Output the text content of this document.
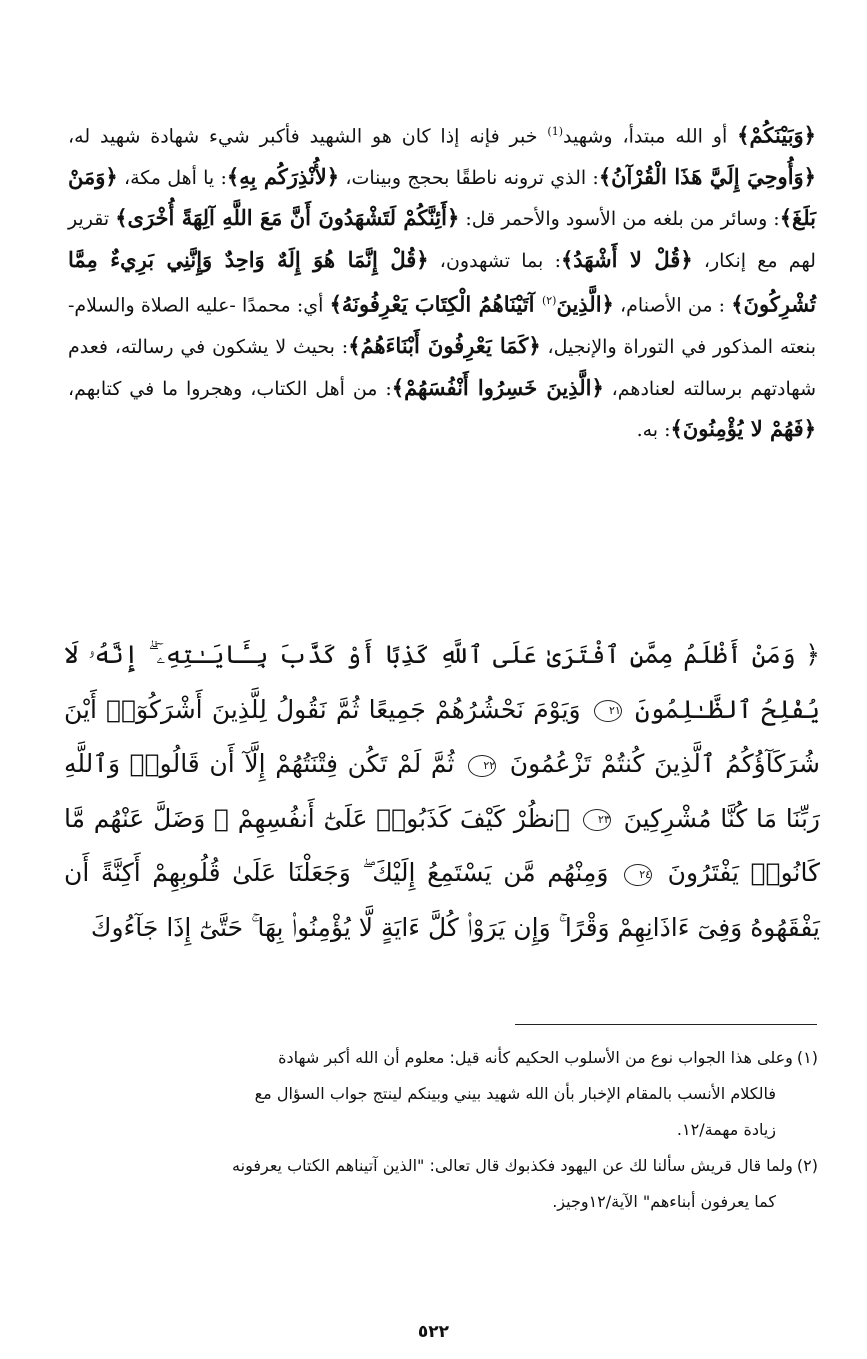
﴿وَبَيْنَكُمْ﴾ أو الله مبتدأ، وشهيد$^{(1)}$ خبر فإنه إذا كان هو الشهيد فأكبر شيء شهادة شهيد له، ﴿وَأُوحِيَ إِلَيَّ هَذَا الْقُرْآنُ﴾: الذي ترونه ناطقًا بحجج وبينات، ﴿لأُنْذِرَكُم بِهِ﴾: يا أهل مكة، ﴿وَمَنْ بَلَغَ﴾: وسائر من بلغه من الأسود والأحمر قل: ﴿أَئِنَّكُمْ لَتَشْهَدُونَ أَنَّ مَعَ اللَّهِ آلِهَةً أُخْرَى﴾ تقرير لهم مع إنكار، ﴿قُلْ لا أَشْهَدُ﴾: بما تشهدون، ﴿قُلْ إِنَّمَا هُوَ إِلَهٌ وَاحِدٌ وَإِنَّنِي بَرِيءٌ مِمَّا تُشْرِكُونَ﴾ : من الأصنام، ﴿الَّذِينَ$^{(٢)}$ آتَيْنَاهُمُ الْكِتَابَ يَعْرِفُونَهُ﴾ أي: محمدًا -عليه الصلاة والسلام- بنعته المذكور في التوراة والإنجيل، ﴿كَمَا يَعْرِفُونَ أَبْنَاءَهُمُ﴾: بحيث لا يشكون في رسالته، فعدم شهادتهم برسالته لعنادهم، ﴿الَّذِينَ خَسِرُوا أَنْفُسَهُمْ﴾: من أهل الكتاب، وهجروا ما في كتابهم، ﴿فَهُمْ لا يُؤْمِنُونَ﴾: به.
﴿ وَمَنْ أَظْلَمُ مِمَّنِ ٱفْتَرَىٰ عَلَى ٱللَّهِ كَذِبًا أَوْ كَذَّبَ بِـَٔايَـٰتِهِۦٓ ۗ إِنَّهُۥ لَا يُفْلِحُ ٱلظَّـٰلِمُونَ ٢١ وَيَوْمَ نَحْشُرُهُمْ جَمِيعًا ثُمَّ نَقُولُ لِلَّذِينَ أَشْرَكُوٓا۟ أَيْنَ شُرَكَآؤُكُمُ ٱلَّذِينَ كُنتُمْ تَزْعُمُونَ ٢٢ ثُمَّ لَمْ تَكُن فِتْنَتُهُمْ إِلَّآ أَن قَالُوا۟ وَٱللَّهِ رَبِّنَا مَا كُنَّا مُشْرِكِينَ ٢٣ ٱنظُرْ كَيْفَ كَذَبُوا۟ عَلَىٰٓ أَنفُسِهِمْ ۚ وَضَلَّ عَنْهُم مَّا كَانُوا۟ يَفْتَرُونَ ٢٤ وَمِنْهُم مَّن يَسْتَمِعُ إِلَيْكَ ۖ وَجَعَلْنَا عَلَىٰ قُلُوبِهِمْ أَكِنَّةً أَن يَفْقَهُوهُ وَفِىٓ ءَاذَانِهِمْ وَقْرًا ۚ وَإِن يَرَوْا۟ كُلَّ ءَايَةٍ لَّا يُؤْمِنُوا۟ بِهَا ۚ حَتَّىٰٓ إِذَا جَآءُوكَ

(١)وعلى هذا الجواب نوع من الأسلوب الحكيم كأنه قيل: معلوم أن الله أكبر شهادة

فالكلام الأنسب بالمقام الإخبار بأن الله شهيد بيني وبينكم لينتج جواب السؤال مع

زيادة مهمة/١٢.

(٢)ولما قال قريش سألنا لك عن اليهود فكذبوك قال تعالى: "الذين آتيناهم الكتاب يعرفونه

كما يعرفون أبناءهم" الآية/١٢وجيز.

٥٢٢
